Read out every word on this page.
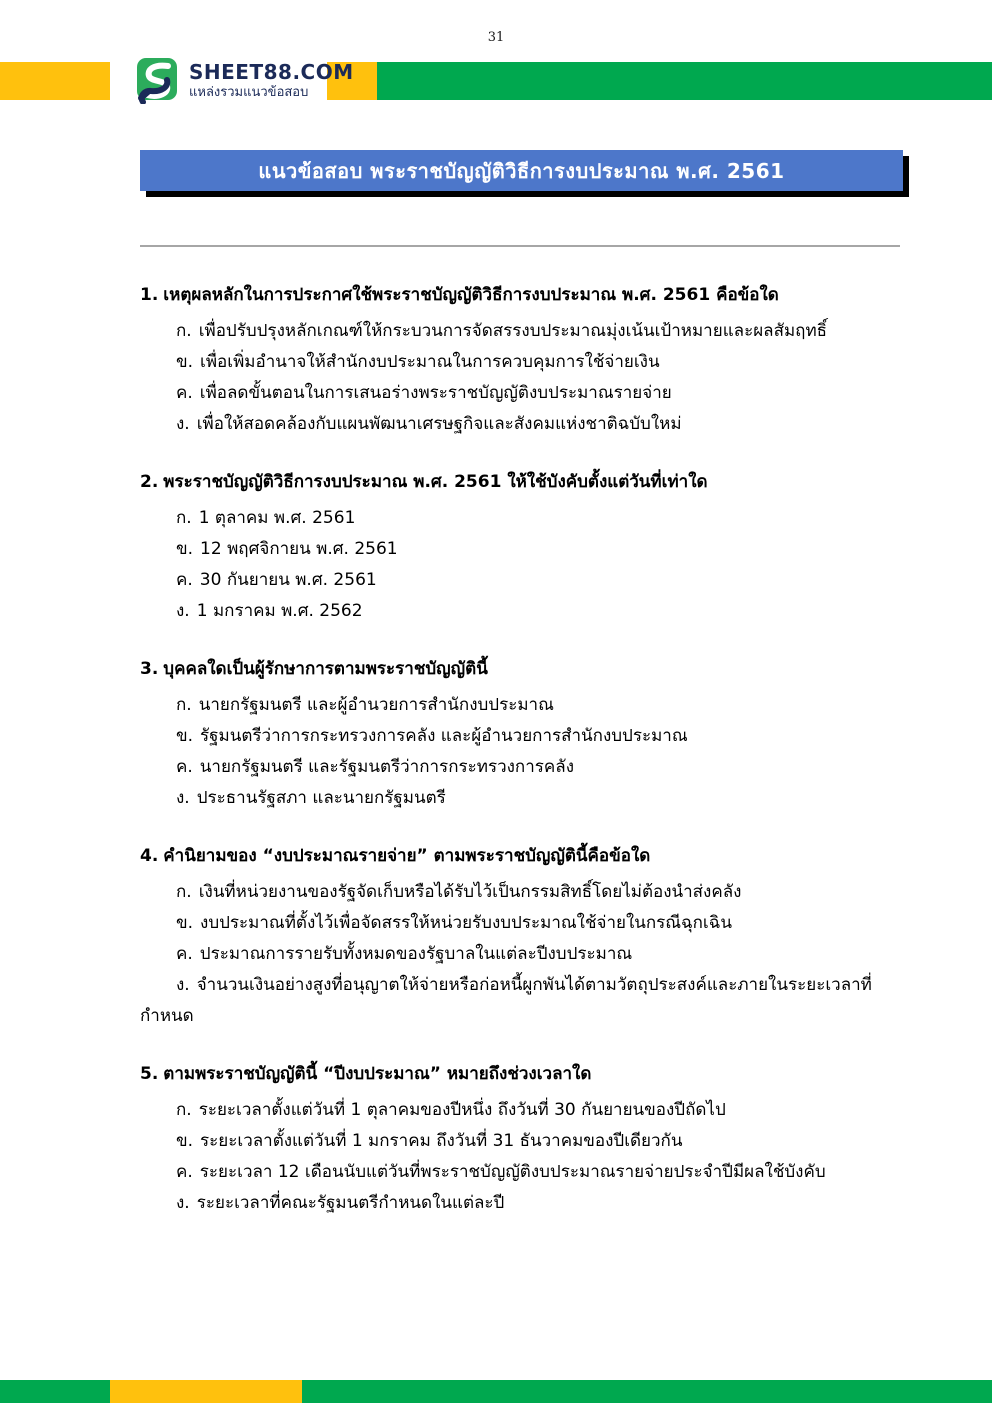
31
SHEET88.COM
แหล่งรวมแนวข้อสอบ
แนวข้อสอบ พระราชบัญญัติวิธีการงบประมาณ พ.ศ. 2561
1. เหตุผลหลักในการประกาศใช้พระราชบัญญัติวิธีการงบประมาณ พ.ศ. 2561 คือข้อใด
ก. เพื่อปรับปรุงหลักเกณฑ์ให้กระบวนการจัดสรรงบประมาณมุ่งเน้นเป้าหมายและผลสัมฤทธิ์
ข. เพื่อเพิ่มอำนาจให้สำนักงบประมาณในการควบคุมการใช้จ่ายเงิน
ค. เพื่อลดขั้นตอนในการเสนอร่างพระราชบัญญัติงบประมาณรายจ่าย
ง. เพื่อให้สอดคล้องกับแผนพัฒนาเศรษฐกิจและสังคมแห่งชาติฉบับใหม่
2. พระราชบัญญัติวิธีการงบประมาณ พ.ศ. 2561 ให้ใช้บังคับตั้งแต่วันที่เท่าใด
ก. 1 ตุลาคม พ.ศ. 2561
ข. 12 พฤศจิกายน พ.ศ. 2561
ค. 30 กันยายน พ.ศ. 2561
ง. 1 มกราคม พ.ศ. 2562
3. บุคคลใดเป็นผู้รักษาการตามพระราชบัญญัตินี้
ก. นายกรัฐมนตรี และผู้อำนวยการสำนักงบประมาณ
ข. รัฐมนตรีว่าการกระทรวงการคลัง และผู้อำนวยการสำนักงบประมาณ
ค. นายกรัฐมนตรี และรัฐมนตรีว่าการกระทรวงการคลัง
ง. ประธานรัฐสภา และนายกรัฐมนตรี
4. คำนิยามของ “งบประมาณรายจ่าย” ตามพระราชบัญญัตินี้คือข้อใด
ก. เงินที่หน่วยงานของรัฐจัดเก็บหรือได้รับไว้เป็นกรรมสิทธิ์โดยไม่ต้องนำส่งคลัง
ข. งบประมาณที่ตั้งไว้เพื่อจัดสรรให้หน่วยรับงบประมาณใช้จ่ายในกรณีฉุกเฉิน
ค. ประมาณการรายรับทั้งหมดของรัฐบาลในแต่ละปีงบประมาณ
ง. จำนวนเงินอย่างสูงที่อนุญาตให้จ่ายหรือก่อหนี้ผูกพันได้ตามวัตถุประสงค์และภายในระยะเวลาที่กำหนด
5. ตามพระราชบัญญัตินี้ “ปีงบประมาณ” หมายถึงช่วงเวลาใด
ก. ระยะเวลาตั้งแต่วันที่ 1 ตุลาคมของปีหนึ่ง ถึงวันที่ 30 กันยายนของปีถัดไป
ข. ระยะเวลาตั้งแต่วันที่ 1 มกราคม ถึงวันที่ 31 ธันวาคมของปีเดียวกัน
ค. ระยะเวลา 12 เดือนนับแต่วันที่พระราชบัญญัติงบประมาณรายจ่ายประจำปีมีผลใช้บังคับ
ง. ระยะเวลาที่คณะรัฐมนตรีกำหนดในแต่ละปี
